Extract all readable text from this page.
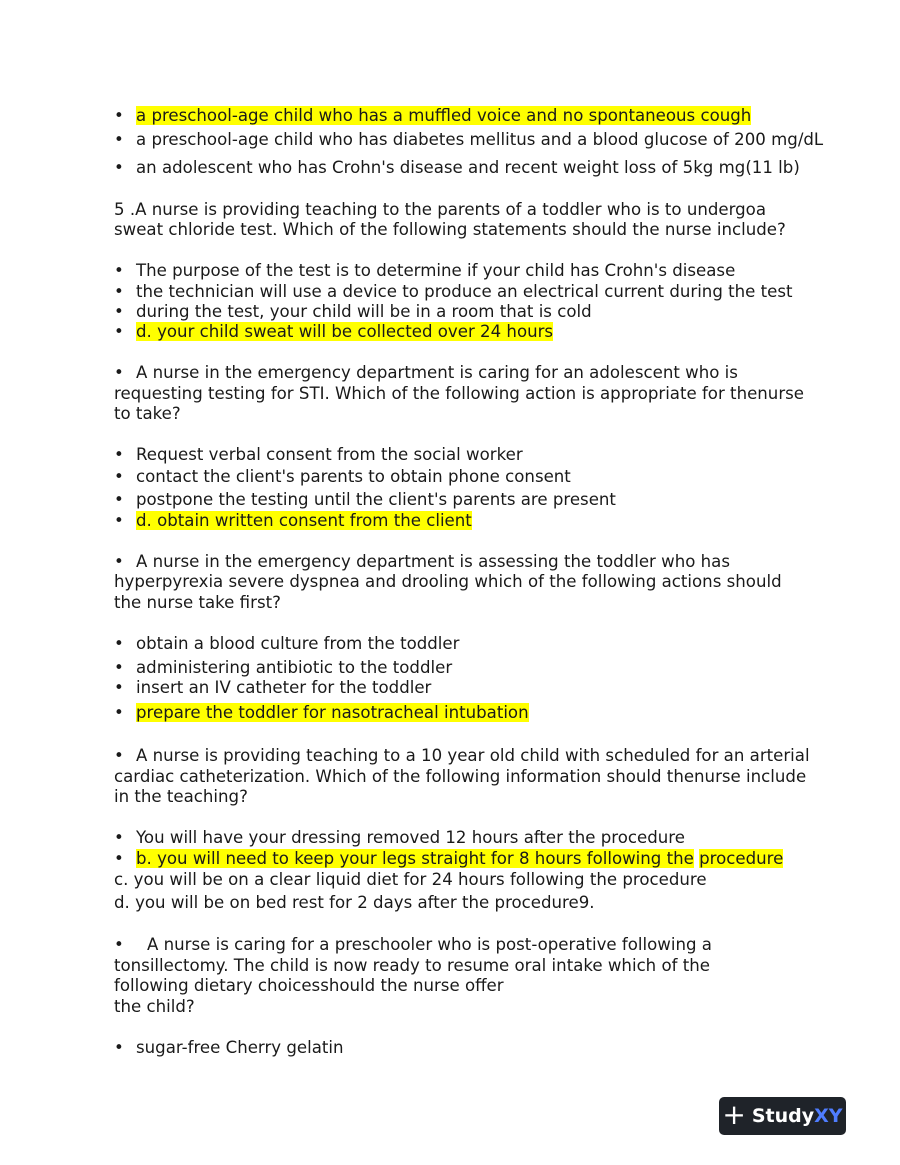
• a preschool-age child who has a muffled voice and no spontaneous cough
• a preschool-age child who has diabetes mellitus and a blood glucose of 200 mg/dL
• an adolescent who has Crohn's disease and recent weight loss of 5kg mg(11 lb)
5 .A nurse is providing teaching to the parents of a toddler who is to undergoa
sweat chloride test. Which of the following statements should the nurse include?
• The purpose of the test is to determine if your child has Crohn's disease
• the technician will use a device to produce an electrical current during the test
• during the test, your child will be in a room that is cold
• d. your child sweat will be collected over 24 hours
• A nurse in the emergency department is caring for an adolescent who is
requesting testing for STI. Which of the following action is appropriate for thenurse
to take?
• Request verbal consent from the social worker
• contact the client's parents to obtain phone consent
• postpone the testing until the client's parents are present
• d. obtain written consent from the client
• A nurse in the emergency department is assessing the toddler who has
hyperpyrexia severe dyspnea and drooling which of the following actions should
the nurse take first?
• obtain a blood culture from the toddler
• administering antibiotic to the toddler
• insert an IV catheter for the toddler
• prepare the toddler for nasotracheal intubation
• A nurse is providing teaching to a 10 year old child with scheduled for an arterial
cardiac catheterization. Which of the following information should thenurse include
in the teaching?
• You will have your dressing removed 12 hours after the procedure
• b. you will need to keep your legs straight for 8 hours following the procedure
c. you will be on a clear liquid diet for 24 hours following the procedure
d. you will be on bed rest for 2 days after the procedure9.
• A nurse is caring for a preschooler who is post-operative following a
tonsillectomy. The child is now ready to resume oral intake which of the
following dietary choicesshould the nurse offer
the child?
• sugar-free Cherry gelatin
+ StudyXY
